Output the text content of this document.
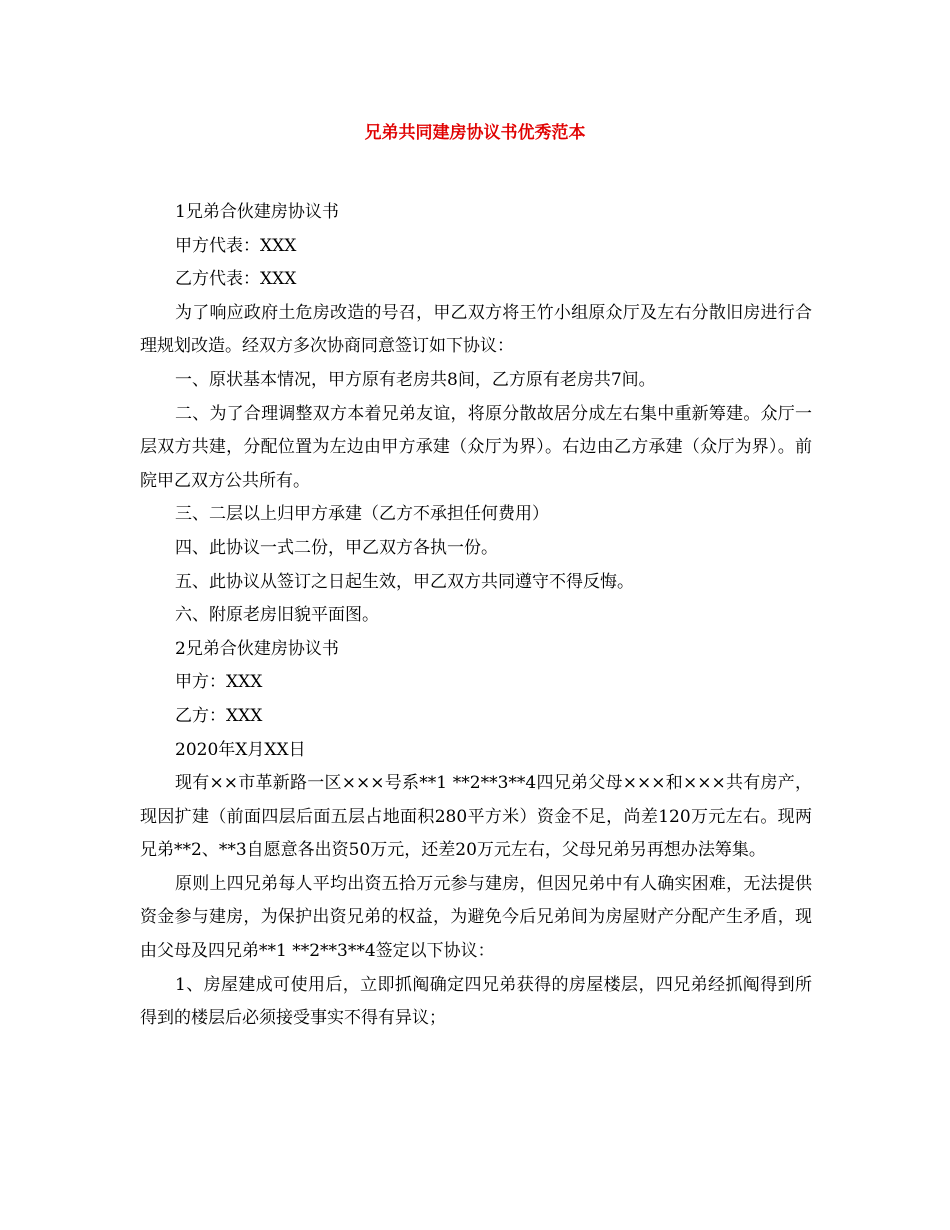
兄弟共同建房协议书优秀范本

1兄弟合伙建房协议书

甲方代表：XXX

乙方代表：XXX

为了响应政府土危房改造的号召，甲乙双方将王竹小组原众厅及左右分散旧房进行合理规划改造。经双方多次协商同意签订如下协议：

一、原状基本情况，甲方原有老房共8间，乙方原有老房共7间。

二、为了合理调整双方本着兄弟友谊，将原分散故居分成左右集中重新筹建。众厅一层双方共建，分配位置为左边由甲方承建（众厅为界）。右边由乙方承建（众厅为界）。前院甲乙双方公共所有。

三、二层以上归甲方承建（乙方不承担任何费用）

四、此协议一式二份，甲乙双方各执一份。

五、此协议从签订之日起生效，甲乙双方共同遵守不得反悔。

六、附原老房旧貌平面图。

2兄弟合伙建房协议书

甲方：XXX

乙方：XXX

2020年X月XX日

现有××市革新路一区×××号系**1 **2**3**4四兄弟父母×××和×××共有房产，现因扩建（前面四层后面五层占地面积280平方米）资金不足，尚差120万元左右。现两兄弟**2、**3自愿意各出资50万元，还差20万元左右，父母兄弟另再想办法筹集。

原则上四兄弟每人平均出资五拾万元参与建房，但因兄弟中有人确实困难，无法提供资金参与建房，为保护出资兄弟的权益，为避免今后兄弟间为房屋财产分配产生矛盾，现由父母及四兄弟**1 **2**3**4签定以下协议：

1、房屋建成可使用后，立即抓阄确定四兄弟获得的房屋楼层，四兄弟经抓阄得到所得到的楼层后必须接受事实不得有异议；
